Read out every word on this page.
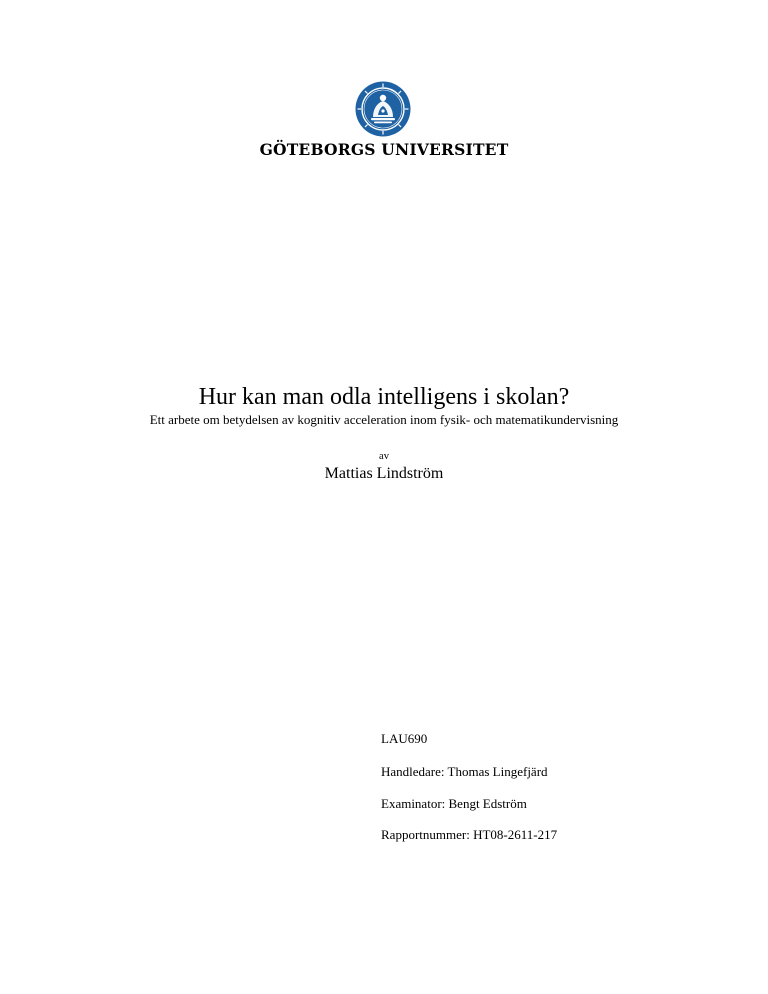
GÖTEBORGS UNIVERSITET
Hur kan man odla intelligens i skolan?
Ett arbete om betydelsen av kognitiv acceleration inom fysik- och matematikundervisning
av
Mattias Lindström
LAU690
Handledare: Thomas Lingefjärd
Examinator: Bengt Edström
Rapportnummer: HT08-2611-217
